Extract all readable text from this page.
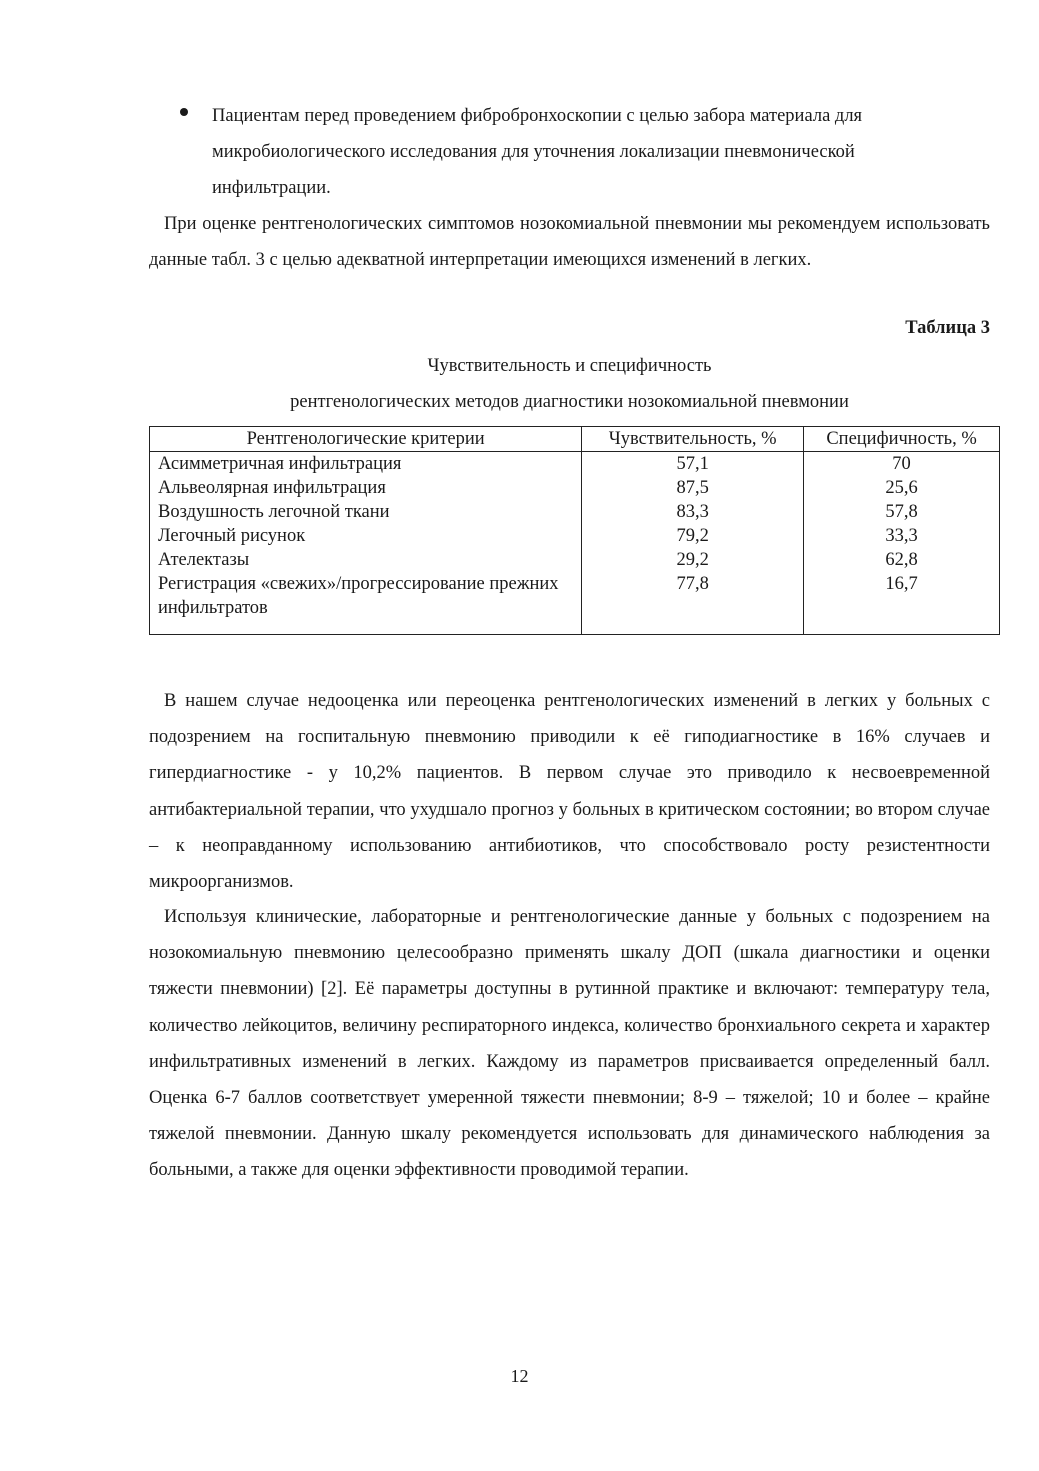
Пациентам перед проведением фибробронхоскопии с целью забора материала для микробиологического исследования для уточнения локализации пневмонической инфильтрации.
При оценке рентгенологических симптомов нозокомиальной пневмонии мы рекомендуем использовать данные табл. 3 с целью адекватной интерпретации имеющихся изменений в легких.
Таблица 3
Чувствительность и специфичность
рентгенологических методов диагностики нозокомиальной пневмонии
Рентгенологические критерии	Чувствительность, %	Специфичность, %
Асимметричная инфильтрация	57,1	70
Альвеолярная инфильтрация	87,5	25,6
Воздушность легочной ткани	83,3	57,8
Легочный рисунок	79,2	33,3
Ателектазы	29,2	62,8
Регистрация «свежих»/прогрессирование прежних инфильтратов	77,8	16,7
В нашем случае недооценка или переоценка рентгенологических изменений в легких у больных с подозрением на госпитальную пневмонию приводили к её гиподиагностике в 16% случаев и гипердиагностике - у 10,2% пациентов. В первом случае это приводило к несвоевременной антибактериальной терапии, что ухудшало прогноз у больных в критическом состоянии; во втором случае – к неоправданному использованию антибиотиков, что способствовало росту резистентности микроорганизмов.
Используя клинические, лабораторные и рентгенологические данные у больных с подозрением на нозокомиальную пневмонию целесообразно применять шкалу ДОП (шкала диагностики и оценки тяжести пневмонии) [2]. Её параметры доступны в рутинной практике и включают: температуру тела, количество лейкоцитов, величину респираторного индекса, количество бронхиального секрета и характер инфильтративных изменений в легких. Каждому из параметров присваивается определенный балл. Оценка 6-7 баллов соответствует умеренной тяжести пневмонии; 8-9 – тяжелой; 10 и более – крайне тяжелой пневмонии. Данную шкалу рекомендуется использовать для динамического наблюдения за больными, а также для оценки эффективности проводимой терапии.
12
